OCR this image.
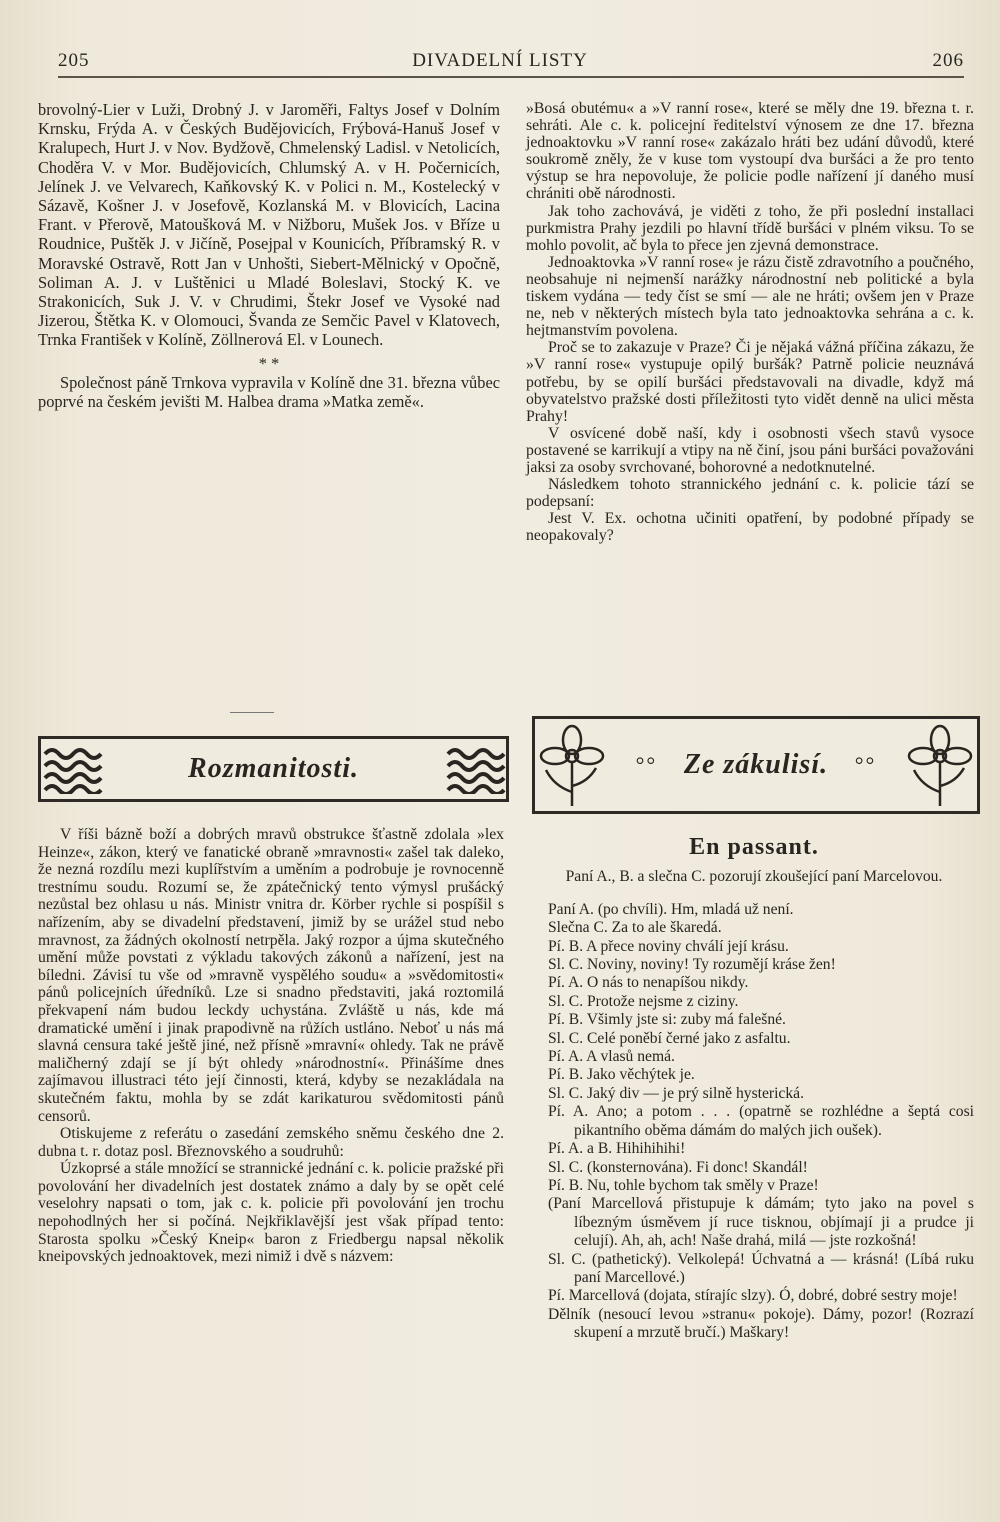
205	DIVADELNÍ LISTY	206

brovolný-Lier v Luži, Drobný J. v Jaroměři, Faltys Josef v Dolním Krnsku, Frýda A. v Českých Budějovicích, Frýbová-Hanuš Josef v Kralupech, Hurt J. v Nov. Bydžově, Chmelenský Ladisl. v Netolicích, Choděra V. v Mor. Budějovicích, Chlumský A. v H. Počernicích, Jelínek J. ve Velvarech, Kaňkovský K. v Polici n. M., Kostelecký v Sázavě, Košner J. v Josefově, Kozlanská M. v Blovicích, Lacina Frant. v Přerově, Matoušková M. v Nižboru, Mušek Jos. v Bříze u Roudnice, Puštěk J. v Jičíně, Posejpal v Kounicích, Příbramský R. v Moravské Ostravě, Rott Jan v Unhošti, Siebert-Mělnický v Opočně, Soliman A. J. v Luštěnici u Mladé Boleslavi, Stocký K. ve Strakonicích, Suk J. V. v Chrudimi, Štekr Josef ve Vysoké nad Jizerou, Štětka K. v Olomouci, Švanda ze Semčic Pavel v Klatovech, Trnka František v Kolíně, Zöllnerová El. v Lounech.

* *

Společnost páně Trnkova vypravila v Kolíně dne 31. března vůbec poprvé na českém jevišti M. Halbea drama »Matka země«.

»Bosá obutému« a »V ranní rose«, které se měly dne 19. března t. r. sehráti. Ale c. k. policejní ředitelství výnosem ze dne 17. března jednoaktovku »V ranní rose« zakázalo hráti bez udání důvodů, které soukromě zněly, že v kuse tom vystoupí dva buršáci a že pro tento výstup se hra nepovoluje, že policie podle nařízení jí daného musí chrániti obě národnosti.

Jak toho zachovává, je viděti z toho, že při poslední installaci purkmistra Prahy jezdili po hlavní třídě buršáci v plném viksu. To se mohlo povolit, ač byla to přece jen zjevná demonstrace.

Jednoaktovka »V ranní rose« je rázu čistě zdravotního a poučného, neobsahuje ni nejmenší narážky národnostní neb politické a byla tiskem vydána — tedy číst se smí — ale ne hráti; ovšem jen v Praze ne, neb v některých místech byla tato jednoaktovka sehrána a c. k. hejtmanstvím povolena.

Proč se to zakazuje v Praze? Či je nějaká vážná příčina zákazu, že »V ranní rose« vystupuje opilý buršák? Patrně policie neuznává potřebu, by se opilí buršáci představovali na divadle, když má obyvatelstvo pražské dosti příležitosti tyto vidět denně na ulici města Prahy!

V osvícené době naší, kdy i osobnosti všech stavů vysoce postavené se karrikují a vtipy na ně činí, jsou páni buršáci považováni jaksi za osoby svrchované, bohorovné a nedotknutelné.

Následkem tohoto strannického jednání c. k. policie tází se podepsaní:

Jest V. Ex. ochotna učiniti opatření, by podobné případy se neopakovaly?

Rozmanitosti.	°° Ze zákulisí. °°

V říši bázně boží a dobrých mravů obstrukce šťastně zdolala »lex Heinze«, zákon, který ve fanatické obraně »mravnosti« zašel tak daleko, že nezná rozdílu mezi kuplířstvím a uměním a podrobuje je rovnocenně trestnímu soudu. Rozumí se, že zpátečnický tento výmysl prušácký nezůstal bez ohlasu u nás. Ministr vnitra dr. Körber rychle si pospíšil s nařízením, aby se divadelní představení, jimiž by se urážel stud nebo mravnost, za žádných okolností netrpěla. Jaký rozpor a újma skutečného umění může povstati z výkladu takových zákonů a nařízení, jest na bíledni. Závisí tu vše od »mravně vyspělého soudu« a »svědomitosti« pánů policejních úředníků. Lze si snadno představiti, jaká roztomilá překvapení nám budou leckdy uchystána. Zvláště u nás, kde má dramatické umění i jinak prapodivně na růžích ustláno. Neboť u nás má slavná censura také ještě jiné, než přísně »mravní« ohledy. Tak ne právě maličherný zdají se jí být ohledy »národnostní«. Přinášíme dnes zajímavou illustraci této její činnosti, která, kdyby se nezakládala na skutečném faktu, mohla by se zdát karikaturou svědomitosti pánů censorů.

Otiskujeme z referátu o zasedání zemského sněmu českého dne 2. dubna t. r. dotaz posl. Březnovského a soudruhů:

Úzkoprsé a stále množící se strannické jednání c. k. policie pražské při povolování her divadelních jest dostatek známo a daly by se opět celé veselohry napsati o tom, jak c. k. policie při povolování jen trochu nepohodlných her si počíná. Nejkřiklavější jest však případ tento: Starosta spolku »Český Kneip« baron z Friedbergu napsal několik kneipovských jednoaktovek, mezi nimiž i dvě s názvem:

En passant.

Paní A., B. a slečna C. pozorují zkoušející paní Marcelovou.

Paní A. (po chvíli). Hm, mladá už není.

Slečna C. Za to ale škaredá.

Pí. B. A přece noviny chválí její krásu.

Sl. C. Noviny, noviny! Ty rozumějí kráse žen!

Pí. A. O nás to nenapíšou nikdy.

Sl. C. Protože nejsme z ciziny.

Pí. B. Všimly jste si: zuby má falešné.

Sl. C. Celé poněbí černé jako z asfaltu.

Pí. A. A vlasů nemá.

Pí. B. Jako věchýtek je.

Sl. C. Jaký div — je prý silně hysterická.

Pí. A. Ano; a potom . . . (opatrně se rozhlédne a šeptá cosi pikantního oběma dámám do malých jich oušek).

Pí. A. a B. Hihihihihi!

Sl. C. (konsternována). Fi donc! Skandál!

Pí. B. Nu, tohle bychom tak směly v Praze!

(Paní Marcellová přistupuje k dámám; tyto jako na povel s líbezným úsměvem jí ruce tisknou, objímají ji a prudce ji celují). Ah, ah, ach! Naše drahá, milá — jste rozkošná!

Sl. C. (pathetický). Velkolepá! Úchvatná a — krásná! (Líbá ruku paní Marcellové.)

Pí. Marcellová (dojata, stírajíc slzy). Ó, dobré, dobré sestry moje!

Dělník (nesoucí levou »stranu« pokoje). Dámy, pozor! (Rozrazí skupení a mrzutě bručí.) Maškary!
